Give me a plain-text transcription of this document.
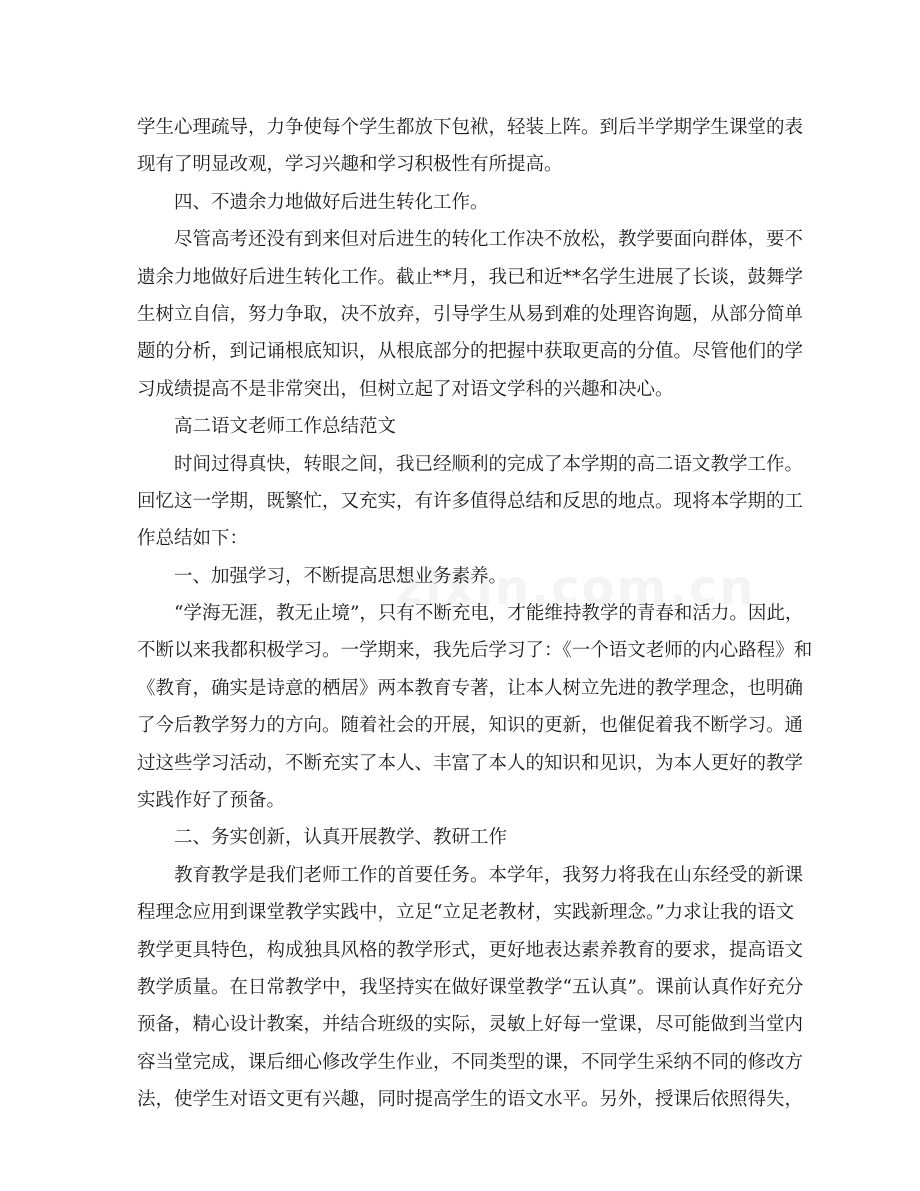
学生心理疏导，力争使每个学生都放下包袱，轻装上阵。到后半学期学生课堂的表
现有了明显改观，学习兴趣和学习积极性有所提高。
四、不遗余力地做好后进生转化工作。
尽管高考还没有到来但对后进生的转化工作决不放松，教学要面向群体，要不
遗余力地做好后进生转化工作。截止**月，我已和近**名学生进展了长谈，鼓舞学
生树立自信，努力争取，决不放弃，引导学生从易到难的处理咨询题，从部分简单
题的分析，到记诵根底知识，从根底部分的把握中获取更高的分值。尽管他们的学
习成绩提高不是非常突出，但树立起了对语文学科的兴趣和决心。
高二语文老师工作总结范文
时间过得真快，转眼之间，我已经顺利的完成了本学期的高二语文教学工作。
回忆这一学期，既繁忙，又充实，有许多值得总结和反思的地点。现将本学期的工
作总结如下：
一、加强学习，不断提高思想业务素养。
“学海无涯，教无止境”，只有不断充电，才能维持教学的青春和活力。因此，
不断以来我都积极学习。一学期来，我先后学习了：《一个语文老师的内心路程》和
《教育，确实是诗意的栖居》两本教育专著，让本人树立先进的教学理念，也明确
了今后教学努力的方向。随着社会的开展，知识的更新，也催促着我不断学习。通
过这些学习活动，不断充实了本人、丰富了本人的知识和见识，为本人更好的教学
实践作好了预备。
二、务实创新，认真开展教学、教研工作
教育教学是我们老师工作的首要任务。本学年，我努力将我在山东经受的新课
程理念应用到课堂教学实践中，立足“立足老教材，实践新理念。”力求让我的语文
教学更具特色，构成独具风格的教学形式，更好地表达素养教育的要求，提高语文
教学质量。在日常教学中，我坚持实在做好课堂教学“五认真”。课前认真作好充分
预备，精心设计教案，并结合班级的实际，灵敏上好每一堂课，尽可能做到当堂内
容当堂完成，课后细心修改学生作业，不同类型的课，不同学生采纳不同的修改方
法，使学生对语文更有兴趣，同时提高学生的语文水平。另外，授课后依照得失，
